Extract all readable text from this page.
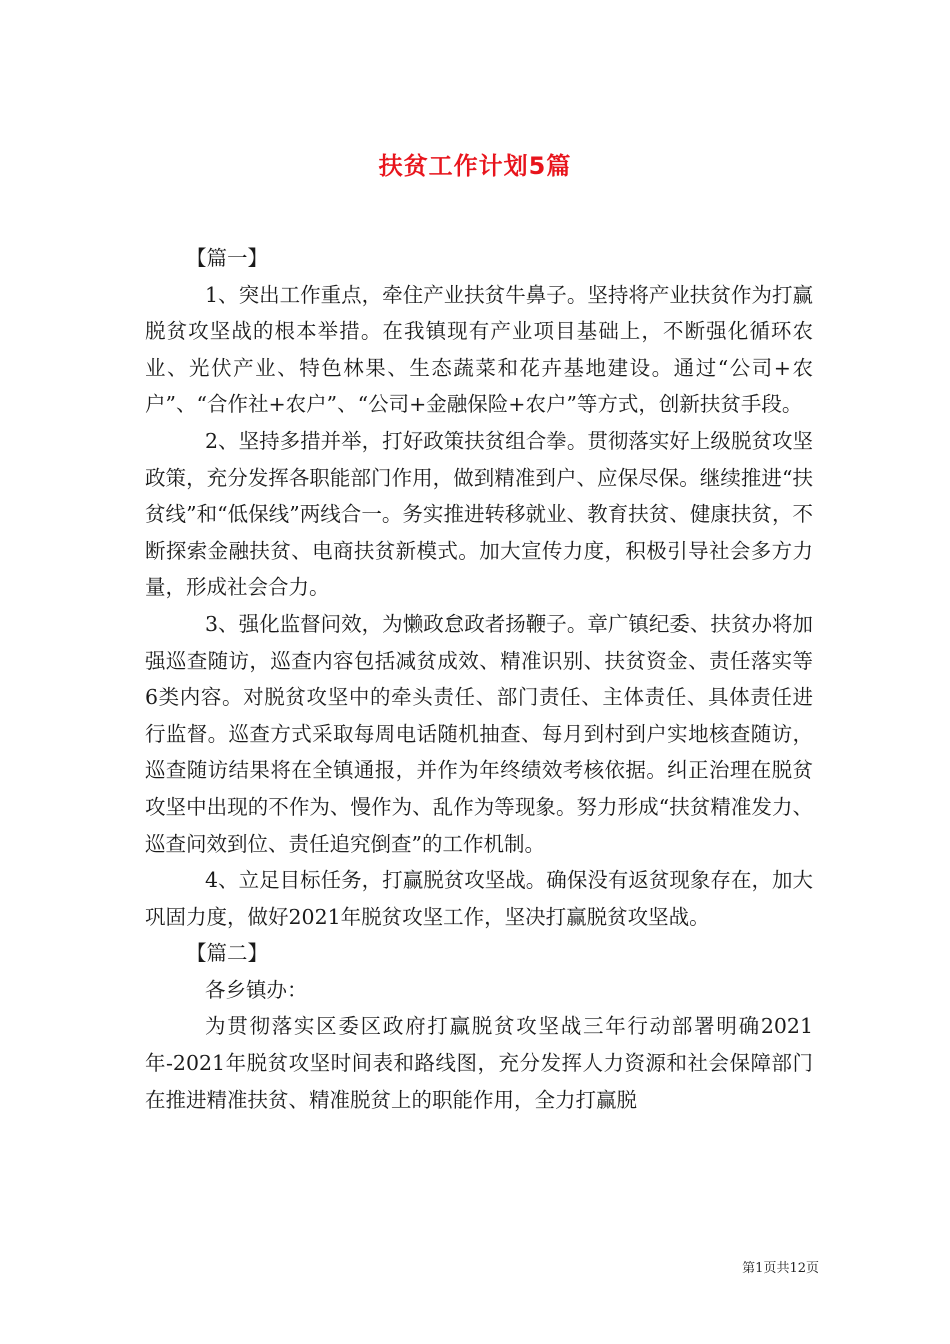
扶贫工作计划5篇

【篇一】

1、突出工作重点，牵住产业扶贫牛鼻子。坚持将产业扶贫作为打赢脱贫攻坚战的根本举措。在我镇现有产业项目基础上，不断强化循环农业、光伏产业、特色林果、生态蔬菜和花卉基地建设。通过“公司+农户”、“合作社+农户”、“公司+金融保险+农户”等方式，创新扶贫手段。

2、坚持多措并举，打好政策扶贫组合拳。贯彻落实好上级脱贫攻坚政策，充分发挥各职能部门作用，做到精准到户、应保尽保。继续推进“扶贫线”和“低保线”两线合一。务实推进转移就业、教育扶贫、健康扶贫，不断探索金融扶贫、电商扶贫新模式。加大宣传力度，积极引导社会多方力量，形成社会合力。

3、强化监督问效，为懒政怠政者扬鞭子。章广镇纪委、扶贫办将加强巡查随访，巡查内容包括减贫成效、精准识别、扶贫资金、责任落实等6类内容。对脱贫攻坚中的牵头责任、部门责任、主体责任、具体责任进行监督。巡查方式采取每周电话随机抽查、每月到村到户实地核查随访，巡查随访结果将在全镇通报，并作为年终绩效考核依据。纠正治理在脱贫攻坚中出现的不作为、慢作为、乱作为等现象。努力形成“扶贫精准发力、巡查问效到位、责任追究倒查”的工作机制。

4、立足目标任务，打赢脱贫攻坚战。确保没有返贫现象存在，加大巩固力度，做好2021年脱贫攻坚工作，坚决打赢脱贫攻坚战。

【篇二】

各乡镇办：

为贯彻落实区委区政府打赢脱贫攻坚战三年行动部署明确2021年-2021年脱贫攻坚时间表和路线图，充分发挥人力资源和社会保障部门在推进精准扶贫、精准脱贫上的职能作用，全力打赢脱

第1页共12页
